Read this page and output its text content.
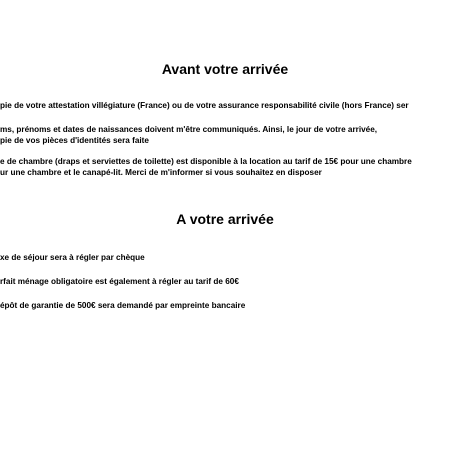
Avant votre arrivée

pie de votre attestation villégiature (France) ou de votre assurance responsabilité civile (hors France) ser

ms, prénoms et dates de naissances doivent m'être communiqués. Ainsi, le jour de votre arrivée,

pie de vos pièces d'identités sera faite

e de chambre (draps et serviettes de toilette) est disponible à la location au tarif de 15€ pour une chambre

ur une chambre et le canapé-lit. Merci de m'informer si vous souhaitez en disposer

A votre arrivée

xe de séjour sera à régler par chèque

rfait ménage obligatoire est également à régler au tarif de 60€

épôt de garantie de 500€ sera demandé par empreinte bancaire
